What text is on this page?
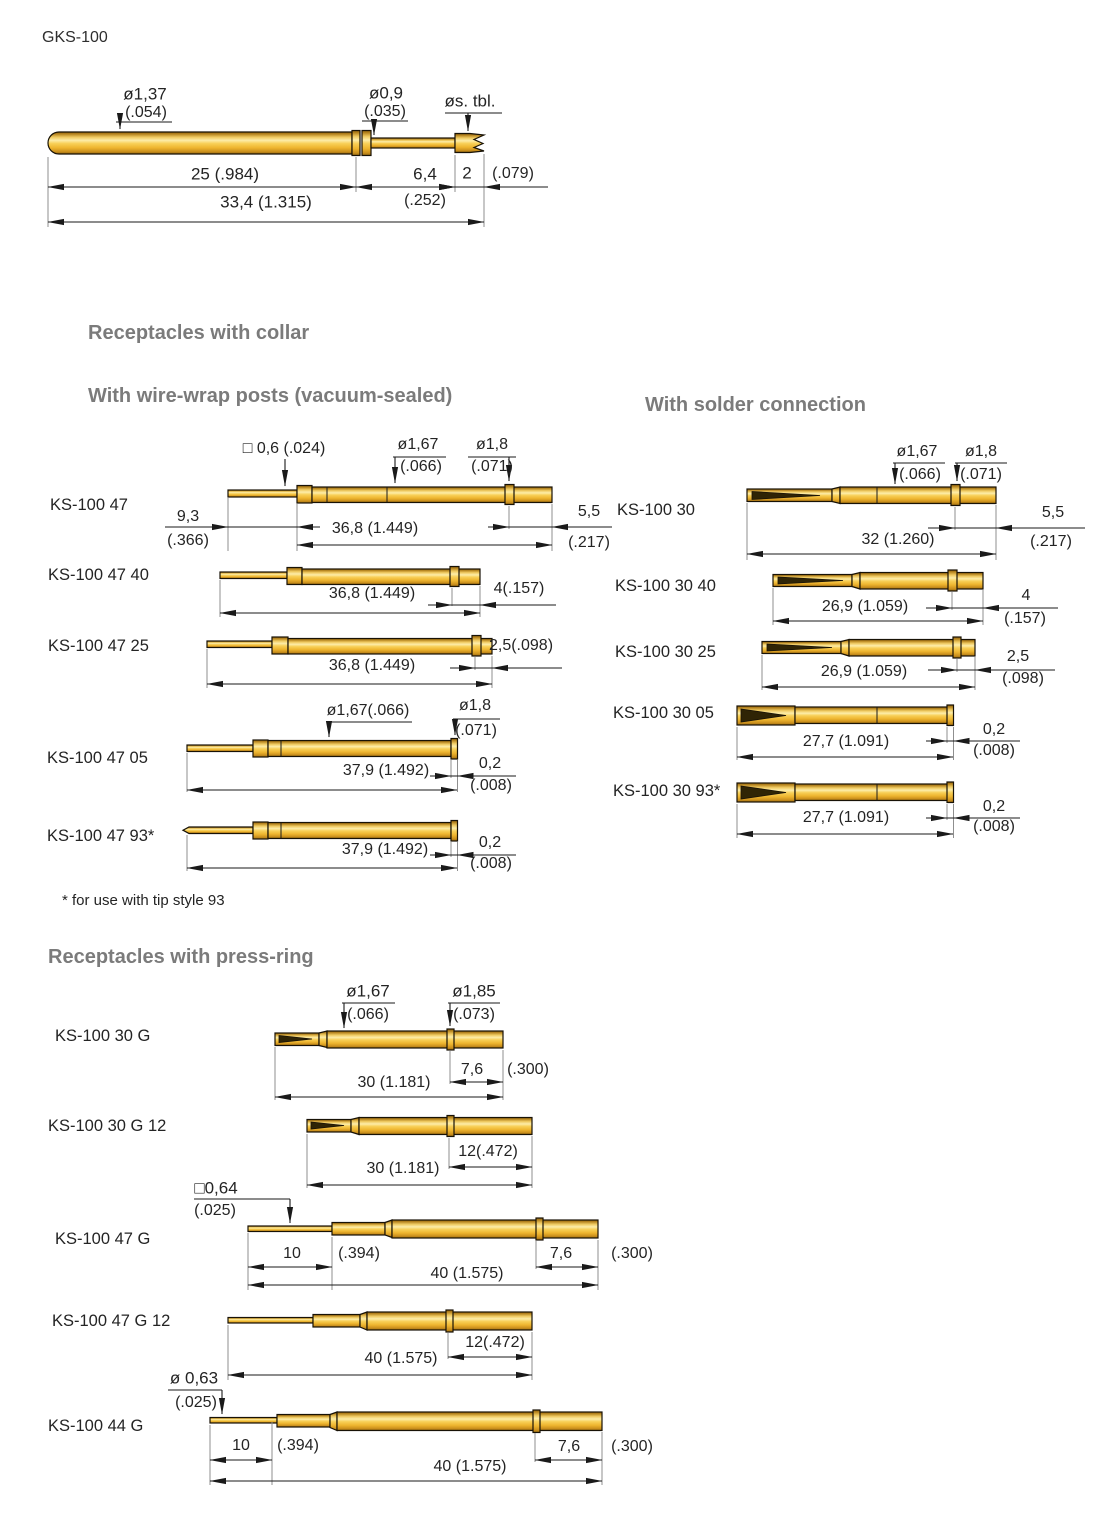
GKS-100
ø1,37
(.054)
ø0,9
(.035)
øs. tbl.
25 (.984)	6,4
(.252)
2 (.079)
33,4 (1.315)
Receptacles with collar
With wire-wrap posts (vacuum-sealed)	With solder connection
Receptacles with press-ring
* for use with tip style 93
KS-100 47
□ 0,6 (.024)	ø1,67
(.066)
ø1,8
(.071)
9,3
(.366)
36,8 (1.449)
5,5
(.217)
KS-100 47 40
36,8 (1.449)	4(.157)
KS-100 47 25
36,8 (1.449)
2,5(.098)
KS-100 47 05
ø1,67(.066)	ø1,8
(.071)
37,9 (1.492)	0,2
(.008)
KS-100 47 93*
37,9 (1.492)	0,2
(.008)
KS-100 30
ø1,67
(.066)
ø1,8
(.071)
32 (1.260)
5,5
(.217)
KS-100 30 40
26,9 (1.059)
4
(.157)
KS-100 30 25
26,9 (1.059)
2,5
(.098)
KS-100 30 05
27,7 (1.091)
0,2
(.008)
KS-100 30 93*
27,7 (1.091)
0,2
(.008)
KS-100 30 G
ø1,67
(.066)
ø1,85
(.073)
30 (1.181)
7,6 (.300)
KS-100 30 G 12
30 (1.181)
12(.472)
KS-100 47 G
□0,64
(.025)
10 (.394)
40 (1.575)
7,6 (.300)
KS-100 47 G 12
40 (1.575)
12(.472)
KS-100 44 G
ø 0,63
(.025)
10 (.394)
40 (1.575)
7,6 (.300)
